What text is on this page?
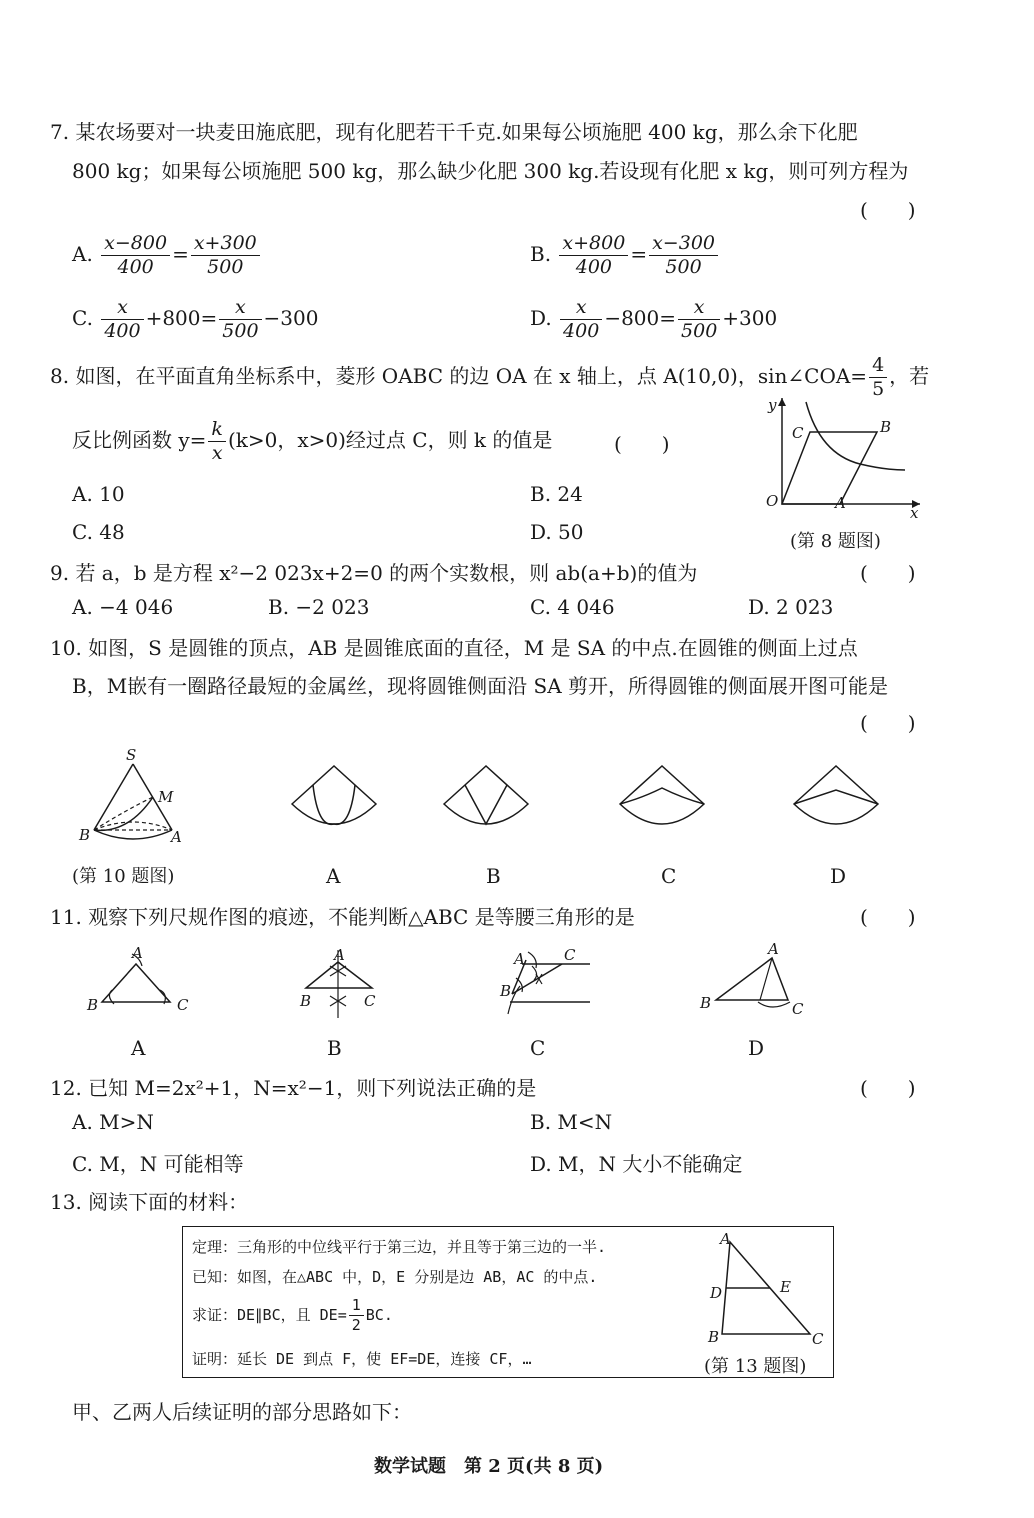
7. 某农场要对一块麦田施底肥，现有化肥若干千克.如果每公顷施肥 400 kg，那么余下化肥
800 kg；如果每公顷施肥 500 kg，那么缺少化肥 300 kg.若设现有化肥 x kg，则可列方程为
(　　)
A. $\frac{x-800}{400} = \frac{x+300}{500}$	B. $\frac{x+800}{400} = \frac{x-300}{500}$
C. $\frac{x}{400} +800= \frac{x}{500} -300$	D. $\frac{x}{400} -800= \frac{x}{500} +300$
8. 如图，在平面直角坐标系中，菱形 OABC 的边 OA 在 x 轴上，点 A(10,0)，sin∠COA= $\frac{4}{5}$ ，若
反比例函数 $y= \frac{k}{x} (k>0$，x>0)经过点 C，则 k 的值是	(　　)
A. 10	B. 24
C. 48	D. 50
y
x
O	A
B
C
(第 8 题图)
9. 若 a，b 是方程 x²−2 023x+2=0 的两个实数根，则 ab(a+b)的值为	(　　)
A. −4 046	B. −2 023	C. 4 046	D. 2 023
10. 如图，S 是圆锥的顶点，AB 是圆锥底面的直径，M 是 SA 的中点.在圆锥的侧面上过点
B，M嵌有一圈路径最短的金属丝，现将圆锥侧面沿 SA 剪开，所得圆锥的侧面展开图可能是
(　　)
S
M
B	A
(第 10 题图)	A	B	C	D
11. 观察下列尺规作图的痕迹，不能判断△ABC 是等腰三角形的是	(　　)
A
B	C
A
B	C
A
B
C	A
B	C
A	B	C	D
12. 已知 M=2x²+1，N=x²−1，则下列说法正确的是	(　　)
A. M>N	B. M<N
C. M，N 可能相等	D. M，N 大小不能确定
13. 阅读下面的材料：
定理：三角形的中位线平行于第三边，并且等于第三边的一半.
已知：如图，在△ABC 中，D，E 分别是边 AB，AC 的中点.
求证：DE∥BC，且 $DE= \frac{1}{2}$ BC.
证明：延长 DE 到点 F，使 EF=DE，连接 CF，…
A
B	C
D	E
(第 13 题图)
甲、乙两人后续证明的部分思路如下：
数学试题　第 2 页(共 8 页)
